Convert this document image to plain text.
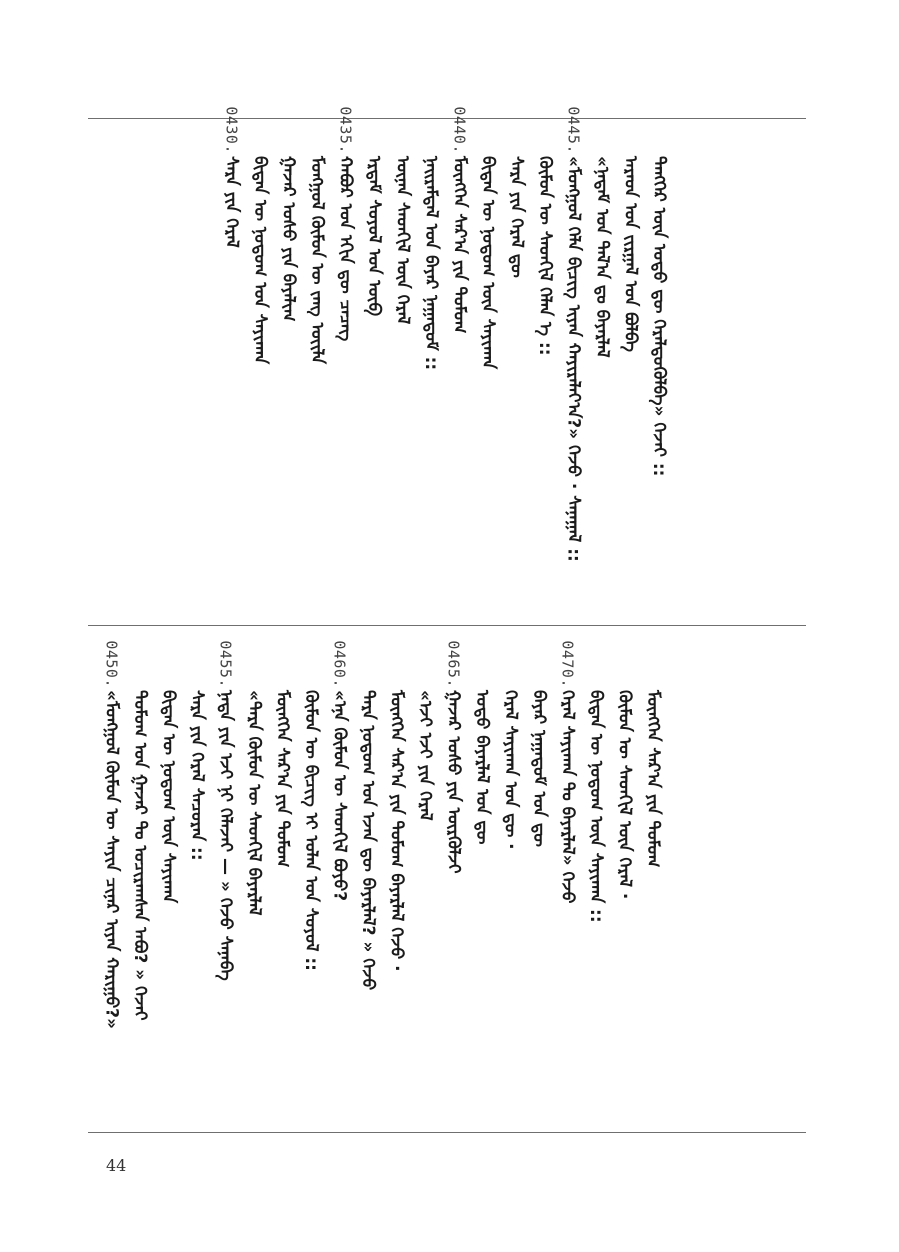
0430.
ᠰᠠᠷᠠ ᠶᠢᠨ ᠭᠡᠷᠡᠯ ᠪᠢᠳᠡᠨ ᠦ ᠨᠤᠲᠤᠭ ᠤᠨ ᠰᠠᠶᠢᠬᠠᠨ ᠭᠠᠵᠠᠷ ᠤᠰᠤ ᠶᠢᠨ ᠪᠠᠶᠠᠯᠢᠭ ᠮᠣᠩᠭᠣᠯ ᠬᠦᠮᠦᠨ ᠦ ᠵᠠᠩ ᠦᠢᠯᠡ
0435.
ᠬᠠᠪᠤᠷ ᠤᠨ ᠡᠬᠢᠨ ᠳᠦ ᠴᠡᠴᠡᠭ ᠡᠷᠳᠡᠮ ᠰᠣᠶᠣᠯ ᠤᠨ ᠥᠪ ᠦᠨᠡᠨ ᠰᠡᠳᠬᠢᠯ ᠦᠨ ᠭᠡᠷᠡᠯ ᠨᠠᠢᠷᠠᠮᠳᠠᠯ ᠤᠨ ᠪᠠᠶᠠᠷ ᠨᠠᠭᠠᠳᠤᠮ ::
0440.
ᠮᠥᠩᠭᠡᠨ ᠰᠠᠷ᠎ᠠ ᠶᠢᠨ ᠳᠣᠮᠣᠭ ᠪᠢᠳᠡᠨ ᠦ ᠨᠤᠲᠤᠭ ᠦᠨ ᠰᠠᠶᠢᠬᠠᠨ ᠰᠠᠷᠠ ᠶᠢᠨ ᠭᠡᠷᠡᠯ ᠳᠦ ᠬᠦᠮᠦᠨ ᠦ ᠰᠡᠳᠬᠢᠯ ᠬᠡᠯᠡᠨ ᠡ ::
0445.
«ᠮᠣᠩᠭᠣᠯ ᠬᠡᠯᠡ ᠪᠢᠴᠢᠭ ᠢᠶᠡᠨ ᠬᠠᠶᠢᠷᠠᠯᠠᠶ᠎ᠠ?» ᠭᠡᠵᠦ · ᠰᠠᠨᠠᠭᠠᠯ :: «ᠨᠠᠳᠠᠮ ᠤᠨ ᠲᠠᠯ᠎ᠠ ᠳᠤ ᠪᠠᠶᠠᠷᠯᠠᠯ ᠠᠷᠠᠳ ᠤᠨ ᠵᠢᠷᠭᠠᠯ ᠤᠨ ᠪᠣᠯᠪᠠ ᠲᠡᠩᠭᠡᠷ ᠦᠨ ᠣᠳᠣ ᠳᠦ ᠭᠡᠷᠡᠯᠲᠦᠭᠦᠯᠪᠡ» ᠭᠡᠵᠡᠢ ::
0450.
«ᠮᠣᠩᠭᠣᠯ ᠬᠦᠮᠦᠨ ᠦ ᠰᠠᠶᠢᠨ ᠴᠢᠨᠠᠷ ᠢᠶᠡᠨ ᠬᠠᠷᠢᠭᠤ?» ᠳᠣᠮᠣᠭ ᠤᠨ ᠭᠠᠵᠠᠷ ᠲᠤ ᠤᠴᠢᠷᠠᠭᠰᠠᠨ ᠠᠪᠤ? » ᠭᠡᠵᠡᠢ ᠪᠢᠳᠡᠨ ᠦ ᠨᠤᠲᠤᠭ ᠦᠨ ᠰᠠᠶᠢᠬᠠᠨ ᠰᠠᠷᠠ ᠶᠢᠨ ᠭᠡᠷᠡᠯ ᠰᠠᠴᠤᠷᠠᠨ ::
0455.
ᠨᠠᠳᠠ ᠶᠢᠨ ᠡᠵᠢ ᠨᠢ ᠬᠡᠯᠡᠵᠡᠢ — » ᠭᠡᠵᠦ ᠰᠠᠨᠠᠪᠠ «ᠲᠡᠷᠡ ᠬᠦᠮᠦᠨ ᠦ ᠰᠡᠳᠬᠢᠯ ᠪᠠᠶᠠᠷᠯᠠᠯ ᠮᠥᠩᠭᠡᠨ ᠰᠠᠷ᠎ᠠ ᠶᠢᠨ ᠳᠣᠮᠣᠭ ᠬᠦᠮᠦᠨ ᠦ ᠪᠢᠴᠢᠭ ᠢ ᠣᠯᠠᠨ ᠤᠨ ᠰᠣᠶᠣᠯ ::
0460.
«ᠡᠨᠡ ᠬᠦᠮᠦᠨ ᠦ ᠰᠡᠳᠬᠢᠯ ᠪᠤᠶᠤ? ᠲᠡᠷᠡ ᠨᠤᠲᠤᠭ ᠤᠨ ᠡᠵᠡᠨ ᠳᠦ ᠪᠠᠶᠠᠷᠯᠠᠯ? » ᠭᠡᠵᠦ ᠮᠥᠩᠭᠡᠨ ᠰᠠᠷ᠎ᠠ ᠶᠢᠨ ᠳᠣᠮᠣᠭ ᠪᠠᠶᠠᠷᠯᠠᠯ ᠭᠡᠵᠦ · «ᠡᠵᠢ ᠡᠵᠢ ᠶᠢᠨ ᠭᠡᠷᠡᠯ
0465.
ᠭᠠᠵᠠᠷ ᠤᠰᠤ ᠶᠢᠨ ᠦᠷᠭᠦᠯᠵᠢ ᠣᠳᠣ ᠪᠠᠶᠠᠷᠯᠠᠯ ᠤᠨ ᠳᠦ ᠭᠡᠷᠡᠯ ᠰᠠᠶᠢᠬᠠᠨ ᠤᠨ ᠳᠦ · ᠪᠠᠶᠠᠷ ᠨᠠᠭᠠᠳᠤᠮ ᠤᠨ ᠳᠦ
0470.
ᠭᠡᠷᠡᠯ ᠰᠠᠶᠢᠬᠠᠨ ᠲᠤ ᠪᠠᠶᠠᠷᠯᠠᠯ» ᠭᠡᠵᠦ ᠪᠢᠳᠡᠨ ᠦ ᠨᠤᠲᠤᠭ ᠦᠨ ᠰᠠᠶᠢᠬᠠᠨ :: ᠬᠦᠮᠦᠨ ᠦ ᠰᠡᠳᠬᠢᠯ ᠦᠨ ᠭᠡᠷᠡᠯ · ᠮᠥᠩᠭᠡᠨ ᠰᠠᠷ᠎ᠠ ᠶᠢᠨ ᠳᠣᠮᠣᠭ
44
